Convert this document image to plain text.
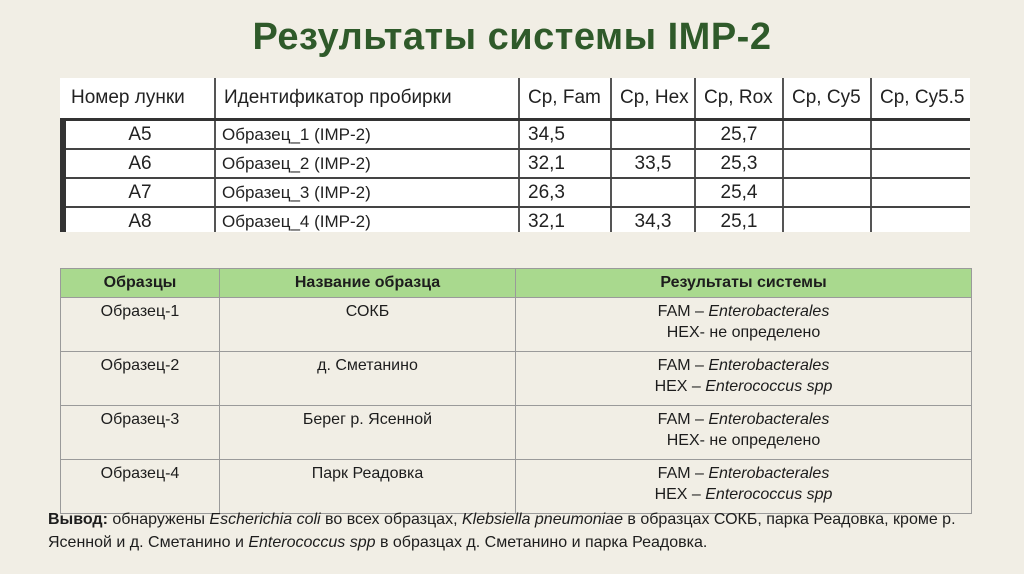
Результаты системы IMP-2
Номер лунки	Идентификатор пробирки	Cp, Fam	Cp, Hex	Cp, Rox	Cp, Cy5	Cp, Cy5.5
A5	Образец_1 (IMP-2)	34,5		25,7		
A6	Образец_2 (IMP-2)	32,1	33,5	25,3		
A7	Образец_3 (IMP-2)	26,3		25,4		
A8	Образец_4 (IMP-2)	32,1	34,3	25,1		
Образцы	Название образца	Результаты системы
Образец-1	СОКБ	FAM – Enterobacterales
HEX- не определено

Образец-2	д. Сметанино	FAM – Enterobacterales
HEX – Enterococcus spp

Образец-3	Берег р. Ясенной	FAM – Enterobacterales
HEX- не определено

Образец-4	Парк Реадовка	FAM – Enterobacterales
HEX – Enterococcus spp
Вывод: обнаружены Escherichia coli во всех образцах, Klebsiella pneumoniae в образцах СОКБ, парка Реадовка, кроме р. Ясенной и д. Сметанино и Enterococcus spp в образцах д. Сметанино и парка Реадовка.
